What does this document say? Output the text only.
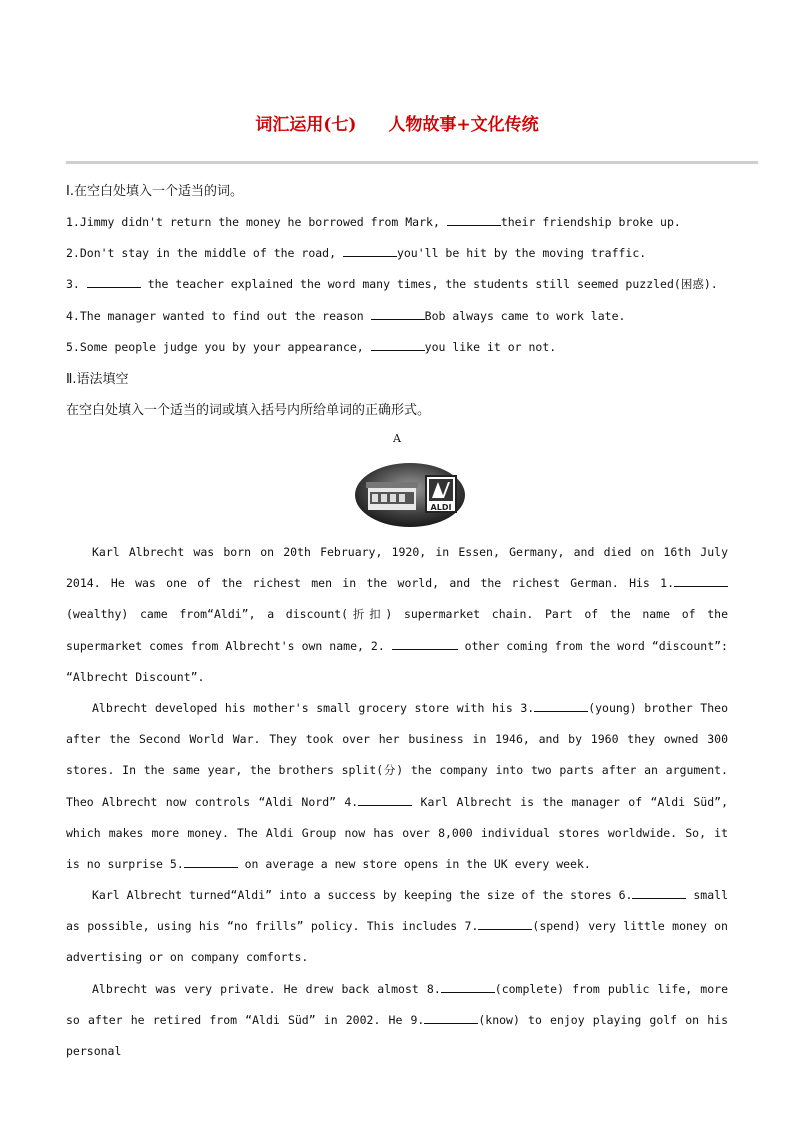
词汇运用(七) 人物故事+文化传统
Ⅰ.在空白处填入一个适当的词。
1.Jimmy didn't return the money he borrowed from Mark,	their friendship broke up.
2.Don't stay in the middle of the road,	you'll be hit by the moving traffic.
3.	the teacher explained the word many times, the students still seemed puzzled(困惑).
4.The manager wanted to find out the reason	Bob always came to work late.
5.Some people judge you by your appearance,	you like it or not.
Ⅱ.语法填空
在空白处填入一个适当的词或填入括号内所给单词的正确形式。
A
ALDI
Karl Albrecht was born on 20th February, 1920, in Essen, Germany, and died on 16th July 2014. He was one of the richest men in the world, and the richest German. His 1.(wealthy) came from“Aldi”, a discount(折扣) supermarket chain. Part of the name of the supermarket comes from Albrecht's own name, 2.	other coming from the word “discount”: “Albrecht Discount”.
Albrecht developed his mother's small grocery store with his 3.	(young) brother Theo after the Second World War. They took over her business in 1946, and by 1960 they owned 300 stores. In the same year, the brothers split(分) the company into two parts after an argument. Theo Albrecht now controls “Aldi Nord” 4.	Karl Albrecht is the manager of “Aldi Süd”, which makes more money. The Aldi Group now has over 8,000 individual stores worldwide. So, it is no surprise 5.	on average a new store opens in the UK every week.
Karl Albrecht turned“Aldi” into a success by keeping the size of the stores 6.	small as possible, using his “no frills” policy. This includes 7.	(spend) very little money on advertising or on company comforts.
Albrecht was very private. He drew back almost 8.	(complete) from public life, more so after he retired from “Aldi Süd” in 2002. He 9.	(know) to enjoy playing golf on his personal
